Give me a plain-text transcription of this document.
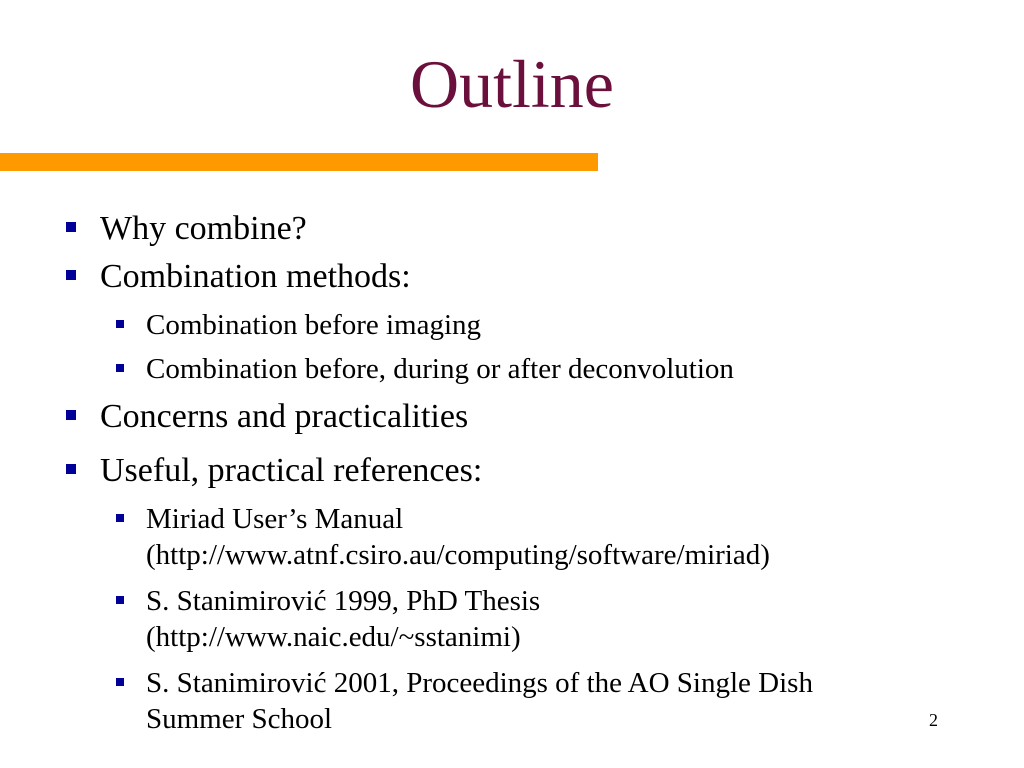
Outline
Why combine?
Combination methods:
Combination before imaging
Combination before, during or after deconvolution
Concerns and practicalities
Useful, practical references:
Miriad User’s Manual
(http://www.atnf.csiro.au/computing/software/miriad)
S. Stanimirović 1999, PhD Thesis
(http://www.naic.edu/~sstanimi)
S. Stanimirović 2001, Proceedings of the AO Single Dish
Summer School	2
